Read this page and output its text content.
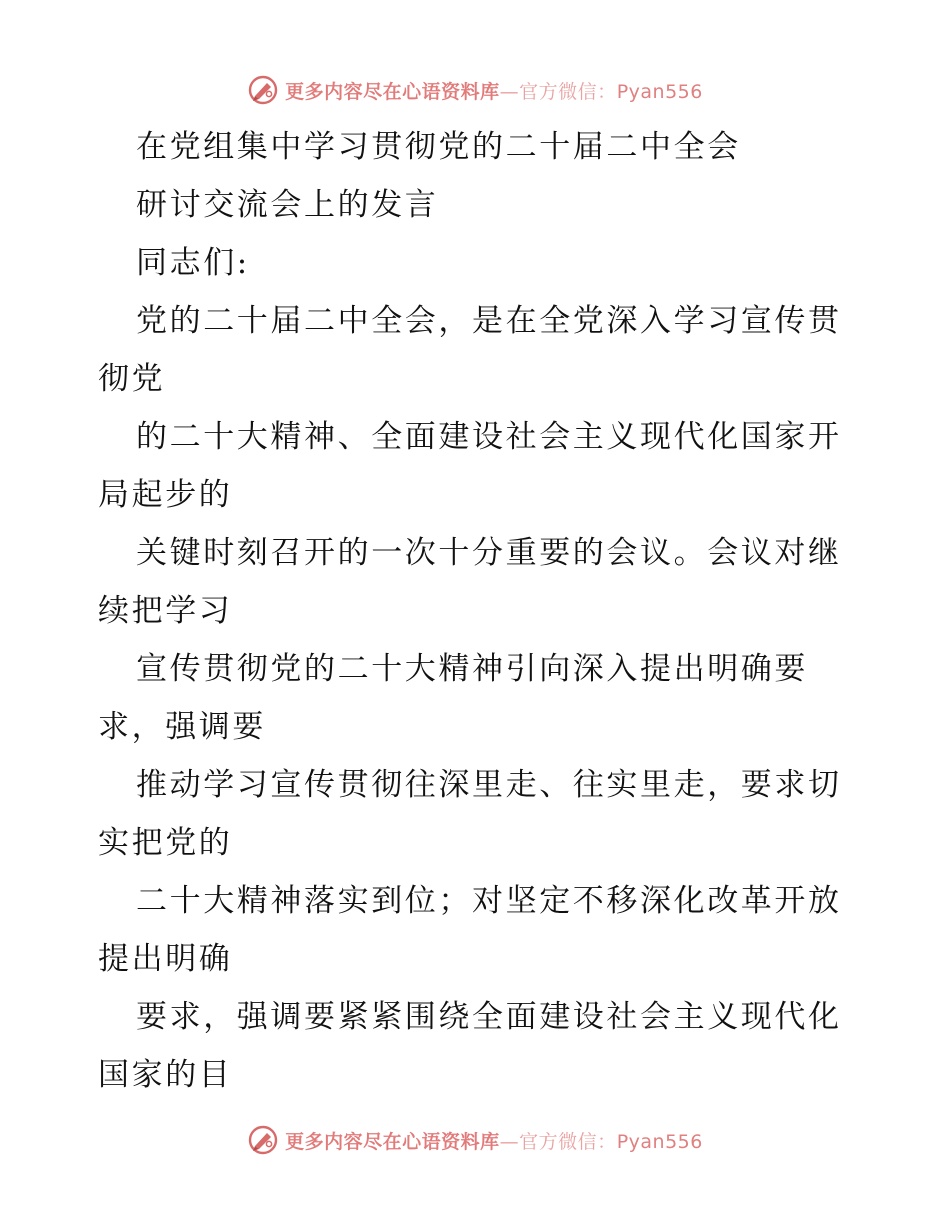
更多内容尽在心语资料库—官方微信：Pyan556
在党组集中学习贯彻党的二十届二中全会
研讨交流会上的发言
同志们:
党的二十届二中全会，是在全党深入学习宣传贯
彻党
的二十大精神、全面建设社会主义现代化国家开
局起步的
关键时刻召开的一次十分重要的会议。会议对继
续把学习
宣传贯彻党的二十大精神引向深入提出明确要
求，强调要
推动学习宣传贯彻往深里走、往实里走，要求切
实把党的
二十大精神落实到位；对坚定不移深化改革开放
提出明确
要求，强调要紧紧围绕全面建设社会主义现代化
国家的目
更多内容尽在心语资料库—官方微信：Pyan556
